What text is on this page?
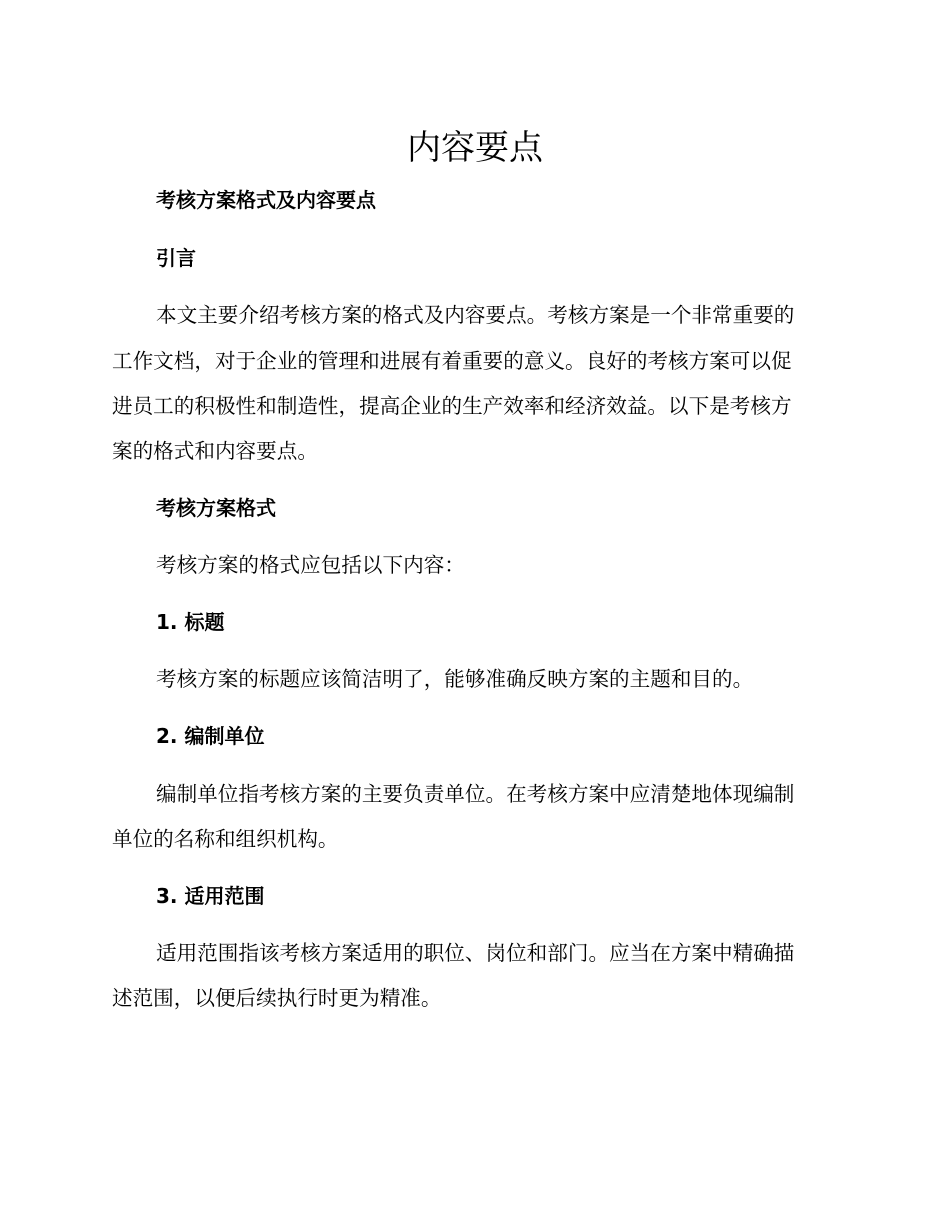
内容要点
考核方案格式及内容要点
引言
本文主要介绍考核方案的格式及内容要点。考核方案是一个非常重要的
工作文档，对于企业的管理和进展有着重要的意义。良好的考核方案可以促
进员工的积极性和制造性，提高企业的生产效率和经济效益。以下是考核方
案的格式和内容要点。
考核方案格式
考核方案的格式应包括以下内容：
1. 标题
考核方案的标题应该简洁明了，能够准确反映方案的主题和目的。
2. 编制单位
编制单位指考核方案的主要负责单位。在考核方案中应清楚地体现编制
单位的名称和组织机构。
3. 适用范围
适用范围指该考核方案适用的职位、岗位和部门。应当在方案中精确描
述范围，以便后续执行时更为精准。
